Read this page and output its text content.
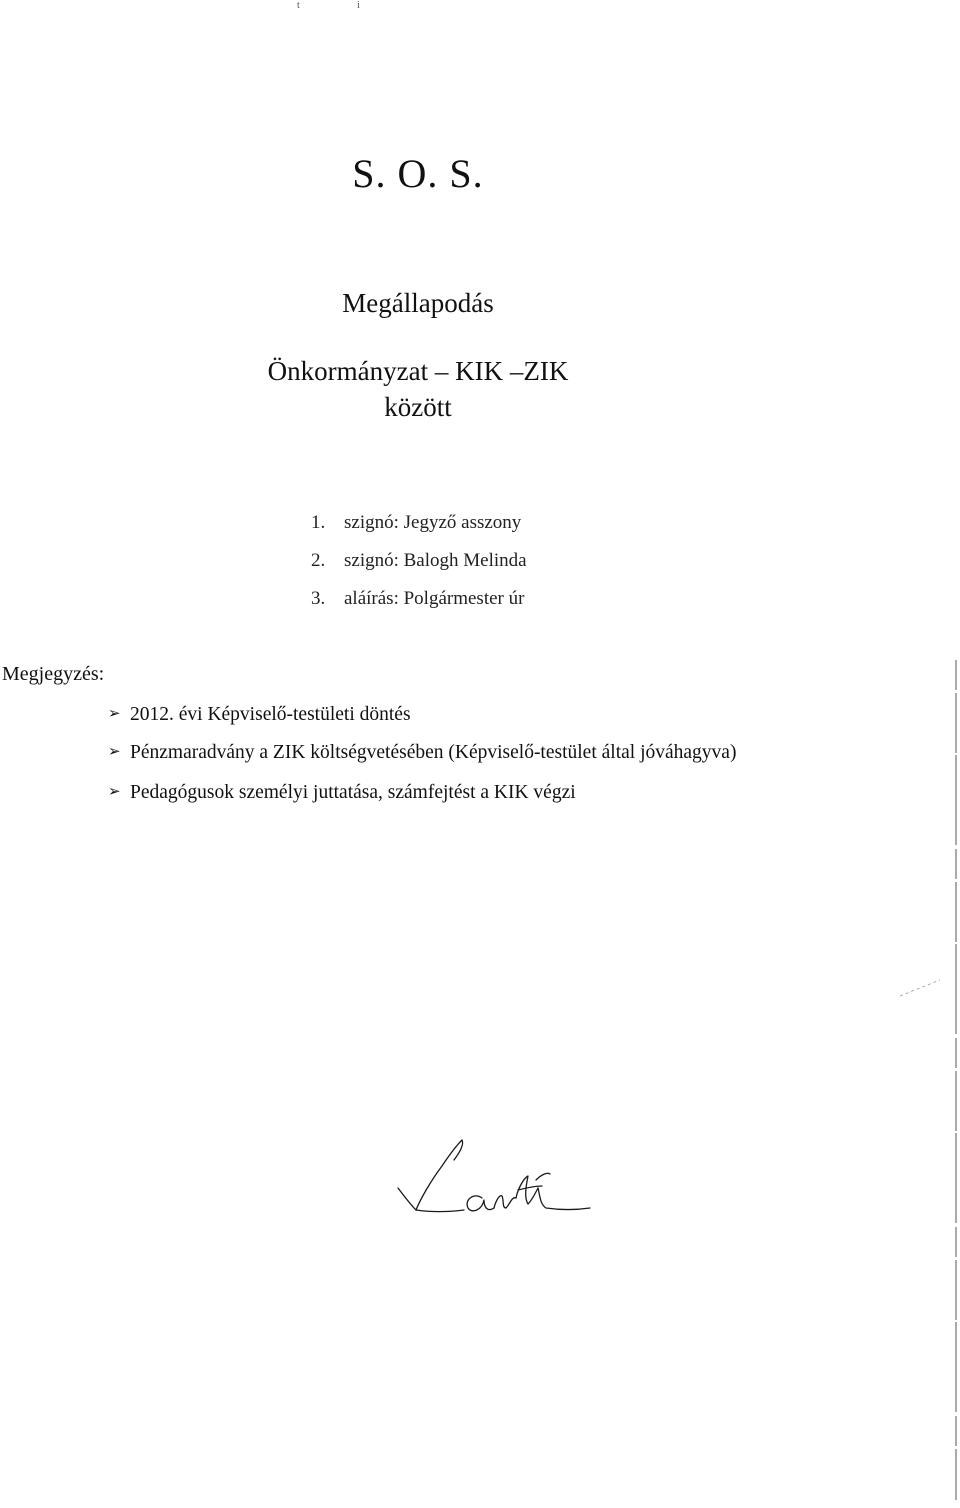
t	i
S. O. S.
Megállapodás
Önkormányzat – KIK –ZIK
között
1. szignó: Jegyző asszony
2. szignó: Balogh Melinda
3. aláírás: Polgármester úr
Megjegyzés:
➢ 2012. évi Képviselő-testületi döntés
➢ Pénzmaradvány a ZIK költségvetésében (Képviselő-testület által jóváhagyva)
➢ Pedagógusok személyi juttatása, számfejtést a KIK végzi
